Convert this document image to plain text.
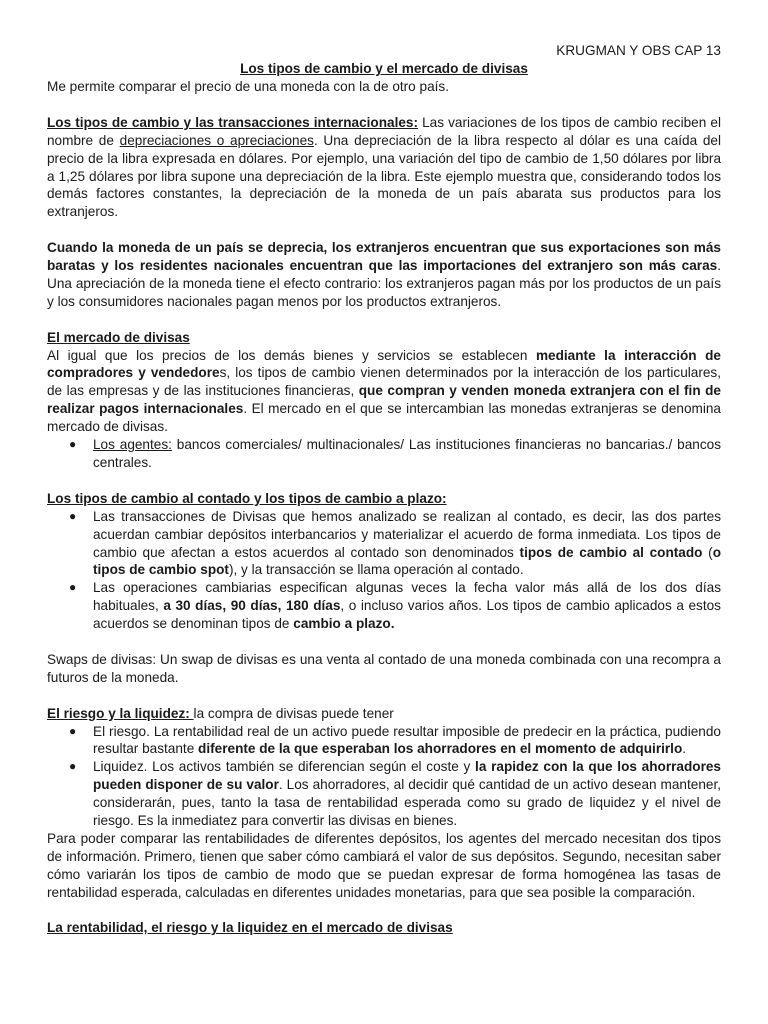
KRUGMAN Y OBS CAP 13
Los tipos de cambio y el mercado de divisas

Me permite comparar el precio de una moneda con la de otro país.

Los tipos de cambio y las transacciones internacionales: Las variaciones de los tipos de cambio reciben el nombre de depreciaciones o apreciaciones. Una depreciación de la libra respecto al dólar es una caída del precio de la libra expresada en dólares. Por ejemplo, una variación del tipo de cambio de 1,50 dólares por libra a 1,25 dólares por libra supone una depreciación de la libra. Este ejemplo muestra que, considerando todos los demás factores constantes, la depreciación de la moneda de un país abarata sus productos para los extranjeros.

Cuando la moneda de un país se deprecia, los extranjeros encuentran que sus exportaciones son más baratas y los residentes nacionales encuentran que las importaciones del extranjero son más caras. Una apreciación de la moneda tiene el efecto contrario: los extranjeros pagan más por los productos de un país y los consumidores nacionales pagan menos por los productos extranjeros.

El mercado de divisas

Al igual que los precios de los demás bienes y servicios se establecen mediante la interacción de compradores y vendedores, los tipos de cambio vienen determinados por la interacción de los particulares, de las empresas y de las instituciones financieras, que compran y venden moneda extranjera con el fin de realizar pagos internacionales. El mercado en el que se intercambian las monedas extranjeras se denomina mercado de divisas.

● Los agentes: bancos comerciales/ multinacionales/ Las instituciones financieras no bancarias./ bancos centrales.

Los tipos de cambio al contado y los tipos de cambio a plazo:

● Las transacciones de Divisas que hemos analizado se realizan al contado, es decir, las dos partes acuerdan cambiar depósitos interbancarios y materializar el acuerdo de forma inmediata. Los tipos de cambio que afectan a estos acuerdos al contado son denominados tipos de cambio al contado (o tipos de cambio spot), y la transacción se llama operación al contado.
● Las operaciones cambiarias especifican algunas veces la fecha valor más allá de los dos días habituales, a 30 días, 90 días, 180 días, o incluso varios años. Los tipos de cambio aplicados a estos acuerdos se denominan tipos de cambio a plazo.

Swaps de divisas: Un swap de divisas es una venta al contado de una moneda combinada con una recompra a futuros de la moneda.

El riesgo y la liquidez: la compra de divisas puede tener

● El riesgo. La rentabilidad real de un activo puede resultar imposible de predecir en la práctica, pudiendo resultar bastante diferente de la que esperaban los ahorradores en el momento de adquirirlo.
● Liquidez. Los activos también se diferencian según el coste y la rapidez con la que los ahorradores pueden disponer de su valor. Los ahorradores, al decidir qué cantidad de un activo desean mantener, considerarán, pues, tanto la tasa de rentabilidad esperada como su grado de liquidez y el nivel de riesgo. Es la inmediatez para convertir las divisas en bienes.

Para poder comparar las rentabilidades de diferentes depósitos, los agentes del mercado necesitan dos tipos de información. Primero, tienen que saber cómo cambiará el valor de sus depósitos. Segundo, necesitan saber cómo variarán los tipos de cambio de modo que se puedan expresar de forma homogénea las tasas de rentabilidad esperada, calculadas en diferentes unidades monetarias, para que sea posible la comparación.

La rentabilidad, el riesgo y la liquidez en el mercado de divisas
